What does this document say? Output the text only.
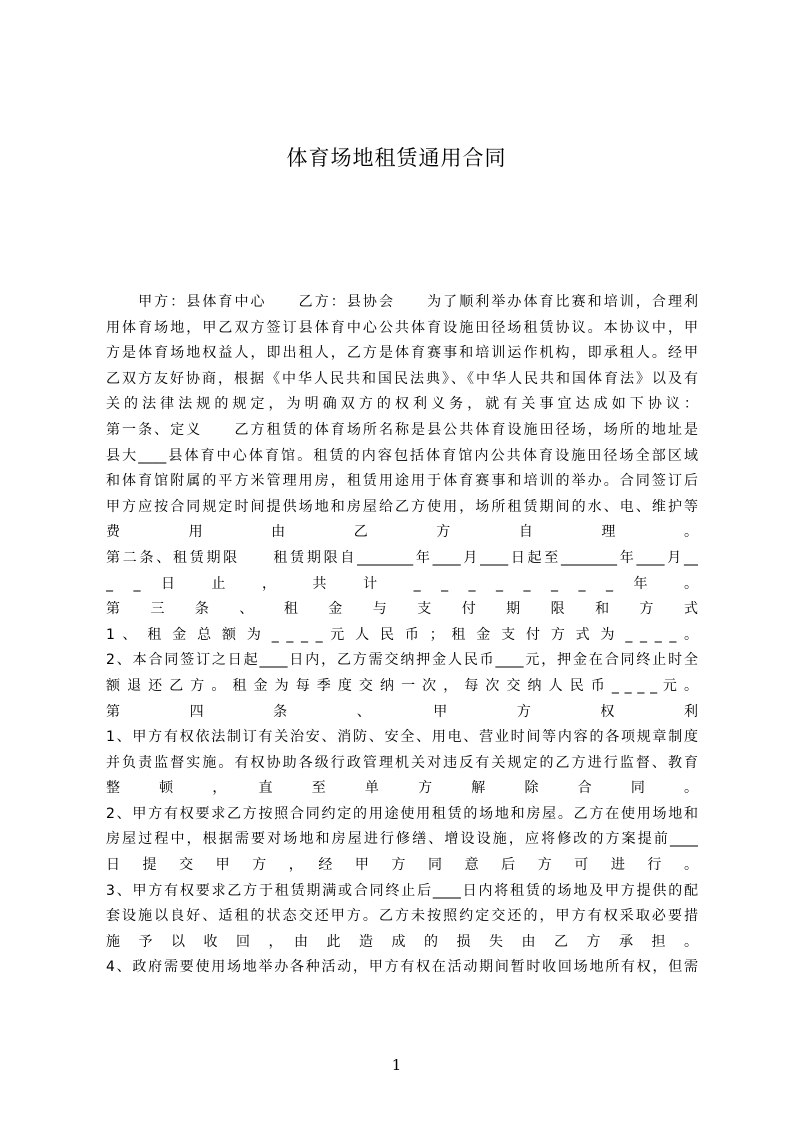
体育场地租赁通用合同
　　甲方：县体育中心　　乙方：县协会　　为了顺利举办体育比赛和培训，合理利
用体育场地，甲乙双方签订县体育中心公共体育设施田径场租赁协议。本协议中，甲
方是体育场地权益人，即出租人，乙方是体育赛事和培训运作机构，即承租人。经甲
乙双方友好协商，根据《中华人民共和国民法典》、《中华人民共和国体育法》以及有
关的法律法规的规定，为明确双方的权利义务，就有关事宜达成如下协议：
第一条、定义　　乙方租赁的体育场所名称是县公共体育设施田径场，场所的地址是
县大____县体育中心体育馆。租赁的内容包括体育馆内公共体育设施田径场全部区域
和体育馆附属的平方米管理用房，租赁用途用于体育赛事和培训的举办。合同签订后
甲方应按合同规定时间提供场地和房屋给乙方使用，场所租赁期间的水、电、维护等
费　用　由　乙　方　自　理　。
第二条、租赁期限　　租赁期限自________年____月____日起至________年____月__
_ _ 日 止 ， 共 计 _ _ _ _ _ _ _ _ 年 。
第 三 条 、 租 金 与 支 付 期 限 和 方 式
1 、 租 金 总 额 为 _ _ _ _ 元 人 民 币 ； 租 金 支 付 方 式 为 _ _ _ _ 。
2、本合同签订之日起____日内，乙方需交纳押金人民币____元，押金在合同终止时全
额 退 还 乙 方 。 租 金 为 每 季 度 交 纳 一 次 ， 每 次 交 纳 人 民 币 _ _ _ _ 元 。
第　四　条　、　甲　方　权　利
1、甲方有权依法制订有关治安、消防、安全、用电、营业时间等内容的各项规章制度
并负责监督实施。有权协助各级行政管理机关对违反有关规定的乙方进行监督、教育
整　顿　，　直　至　单　方　解　除　合　同　。
2、甲方有权要求乙方按照合同约定的用途使用租赁的场地和房屋。乙方在使用场地和
房屋过程中，根据需要对场地和房屋进行修缮、增设设施，应将修改的方案提前____
日　提　交　甲　方　，　经　甲　方　同　意　后　方　可　进　行　。
3、甲方有权要求乙方于租赁期满或合同终止后____日内将租赁的场地及甲方提供的配
套设施以良好、适租的状态交还甲方。乙方未按照约定交还的，甲方有权采取必要措
施　予　以　收　回　，　由　此　造　成　的　损　失　由　乙　方　承　担　。
4、政府需要使用场地举办各种活动，甲方有权在活动期间暂时收回场地所有权，但需
1
